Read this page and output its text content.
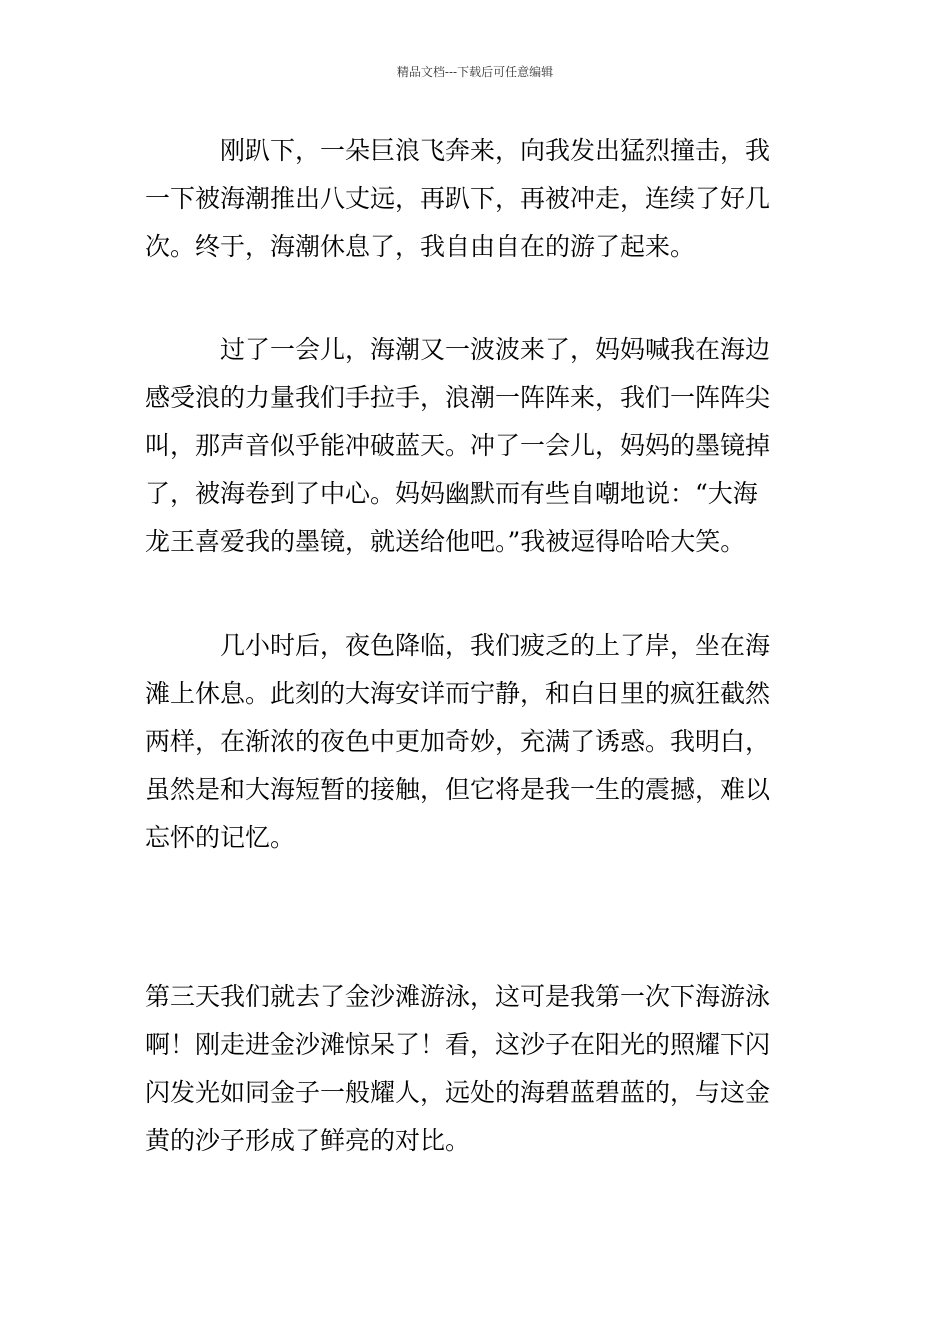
精品文档---下载后可任意编辑
　　　刚趴下，一朵巨浪飞奔来，向我发出猛烈撞击，我
一下被海潮推出八丈远，再趴下，再被冲走，连续了好几
次。终于，海潮休息了，我自由自在的游了起来。
　　　过了一会儿，海潮又一波波来了，妈妈喊我在海边
感受浪的力量我们手拉手，浪潮一阵阵来，我们一阵阵尖
叫，那声音似乎能冲破蓝天。冲了一会儿，妈妈的墨镜掉
了，被海卷到了中心。妈妈幽默而有些自嘲地说：“大海
龙王喜爱我的墨镜，就送给他吧。”我被逗得哈哈大笑。
　　　几小时后，夜色降临，我们疲乏的上了岸，坐在海
滩上休息。此刻的大海安详而宁静，和白日里的疯狂截然
两样，在渐浓的夜色中更加奇妙，充满了诱惑。我明白，
虽然是和大海短暂的接触，但它将是我一生的震撼，难以
忘怀的记忆。
第三天我们就去了金沙滩游泳，这可是我第一次下海游泳
啊！刚走进金沙滩惊呆了！看，这沙子在阳光的照耀下闪
闪发光如同金子一般耀人，远处的海碧蓝碧蓝的，与这金
黄的沙子形成了鲜亮的对比。
